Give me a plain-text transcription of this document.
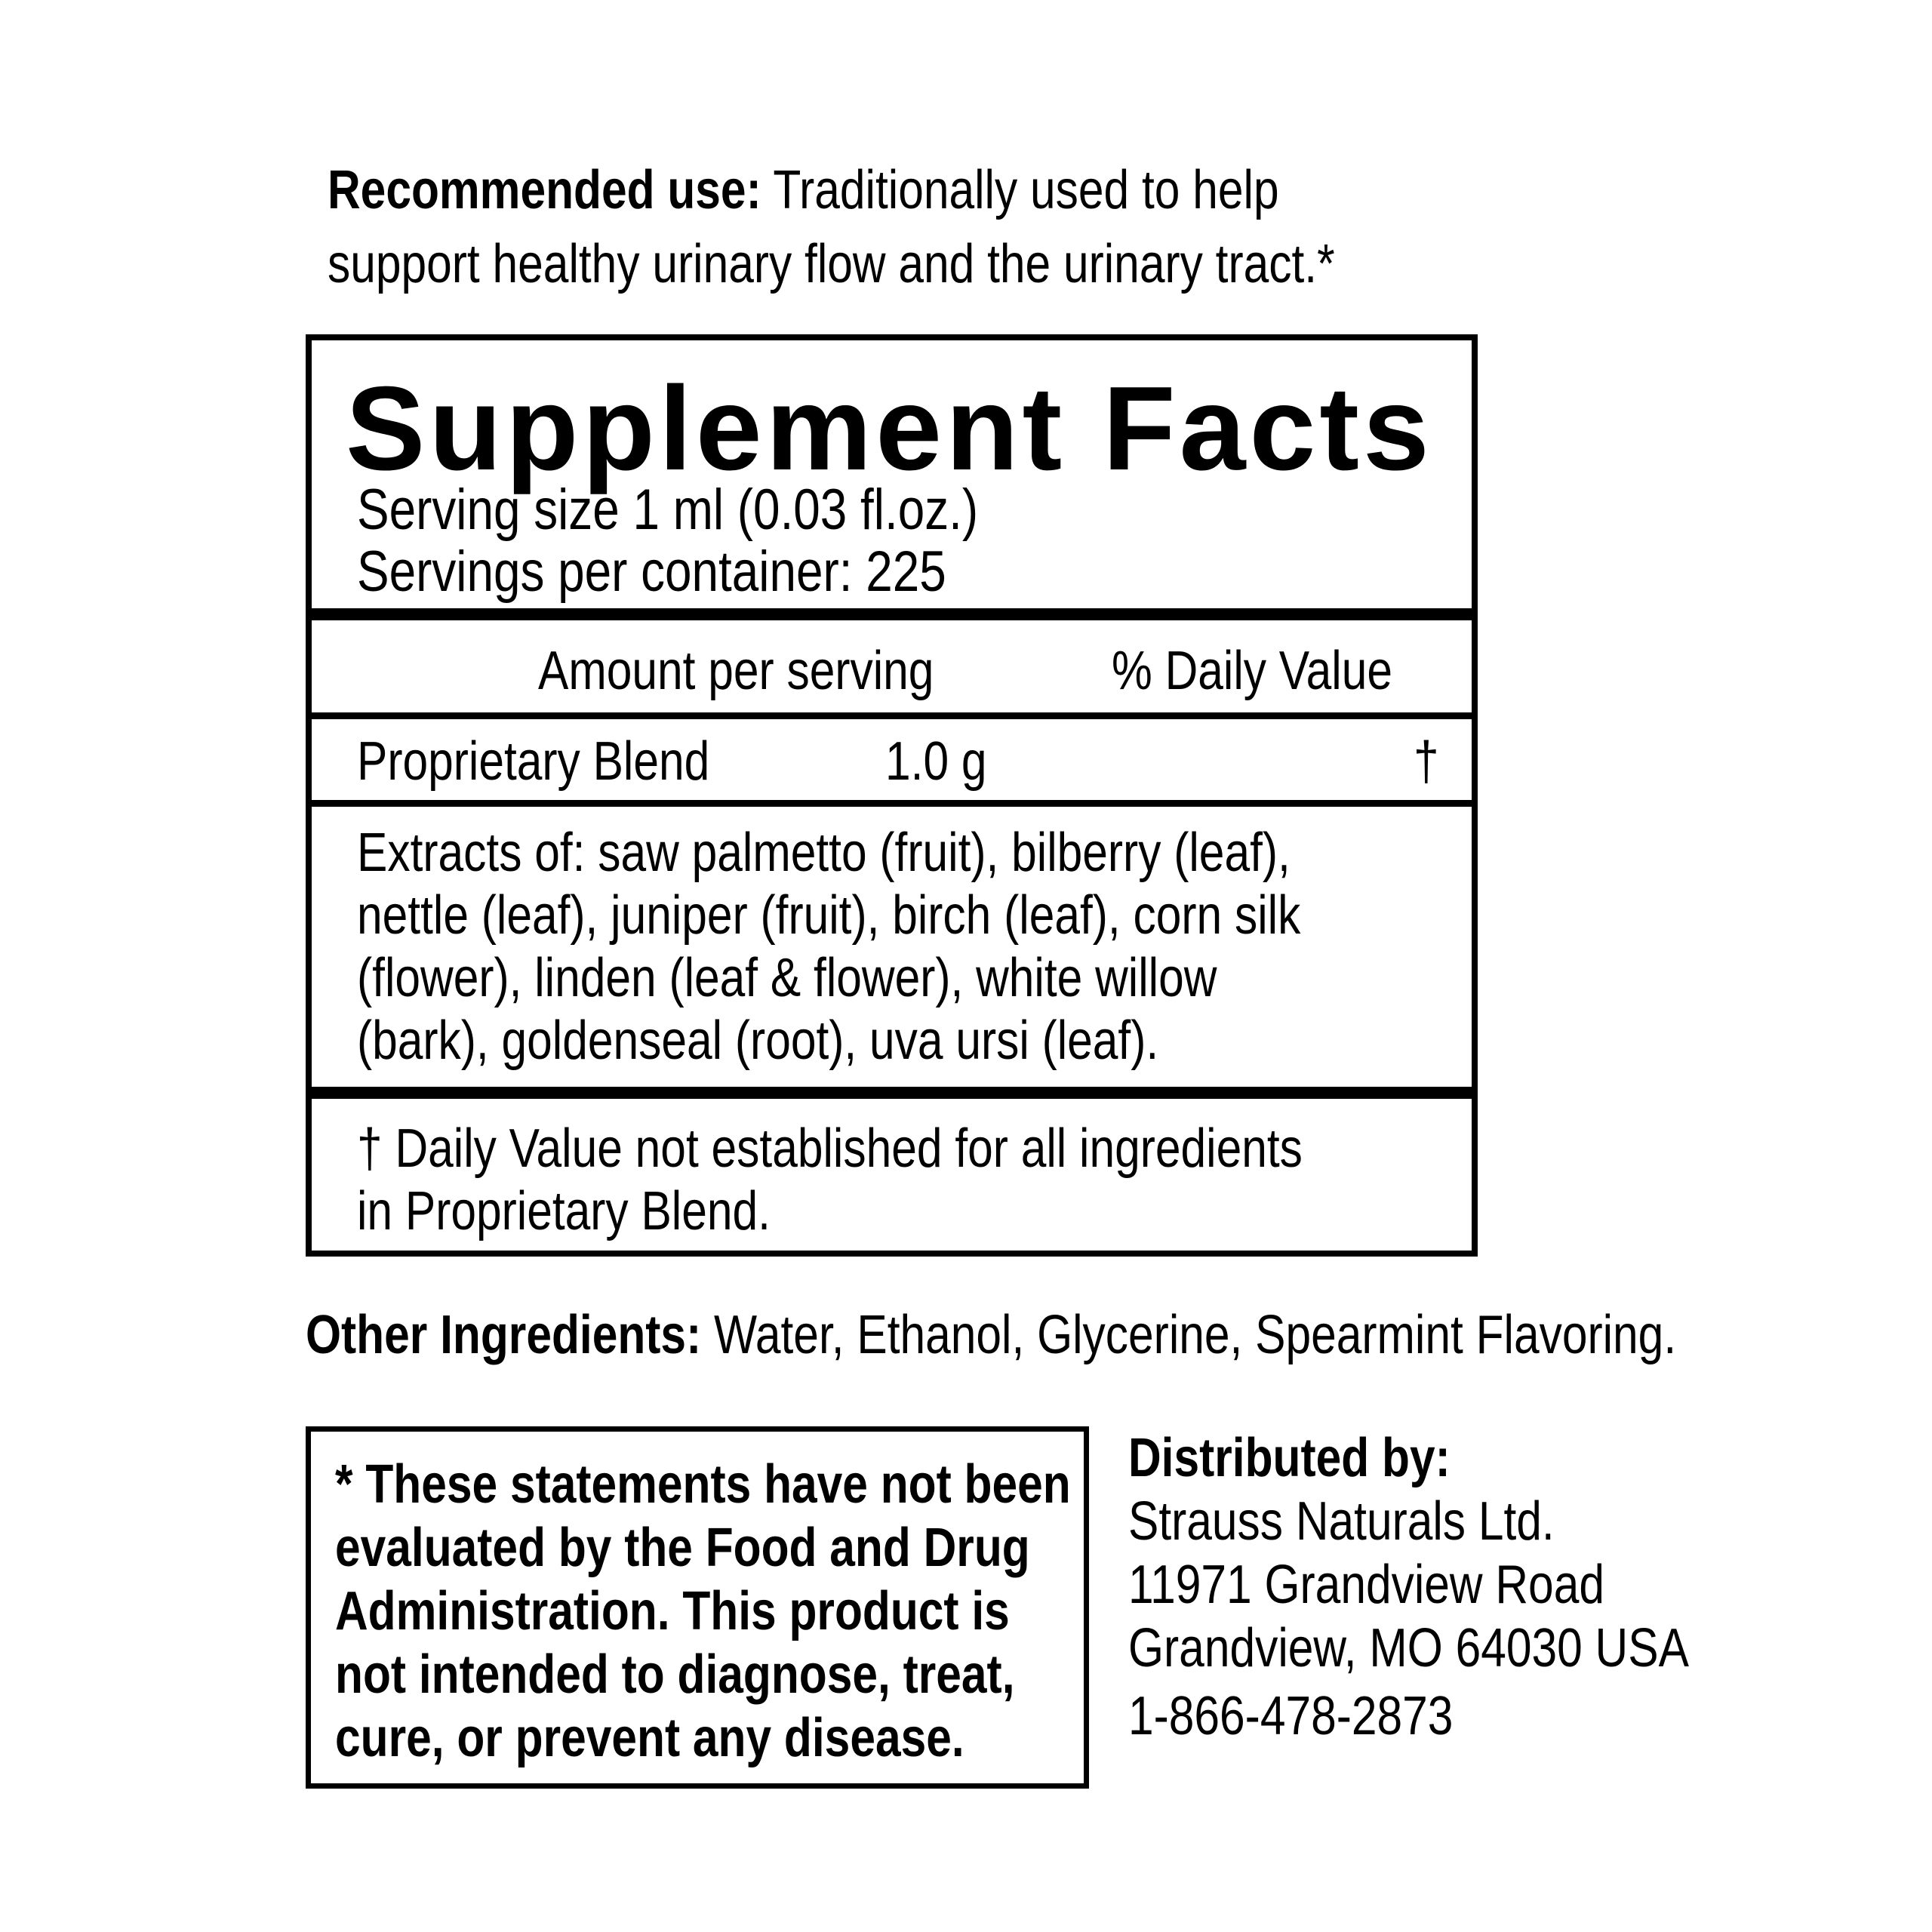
Recommended use: Traditionally used to help
support healthy urinary flow and the urinary tract.*
Supplement Facts
Serving size 1 ml (0.03 fl.oz.)
Servings per container: 225
Amount per serving	% Daily Value
Proprietary Blend	1.0 g	†
Extracts of: saw palmetto (fruit), bilberry (leaf),
nettle (leaf), juniper (fruit), birch (leaf), corn silk
(flower), linden (leaf & flower), white willow
(bark), goldenseal (root), uva ursi (leaf).
† Daily Value not established for all ingredients
in Proprietary Blend.
Other Ingredients: Water, Ethanol, Glycerine, Spearmint Flavoring.
* These statements have not been
evaluated by the Food and Drug
Administration. This product is
not intended to diagnose, treat,
cure, or prevent any disease.
Distributed by:
Strauss Naturals Ltd.
11971 Grandview Road
Grandview, MO 64030 USA
1-866-478-2873
